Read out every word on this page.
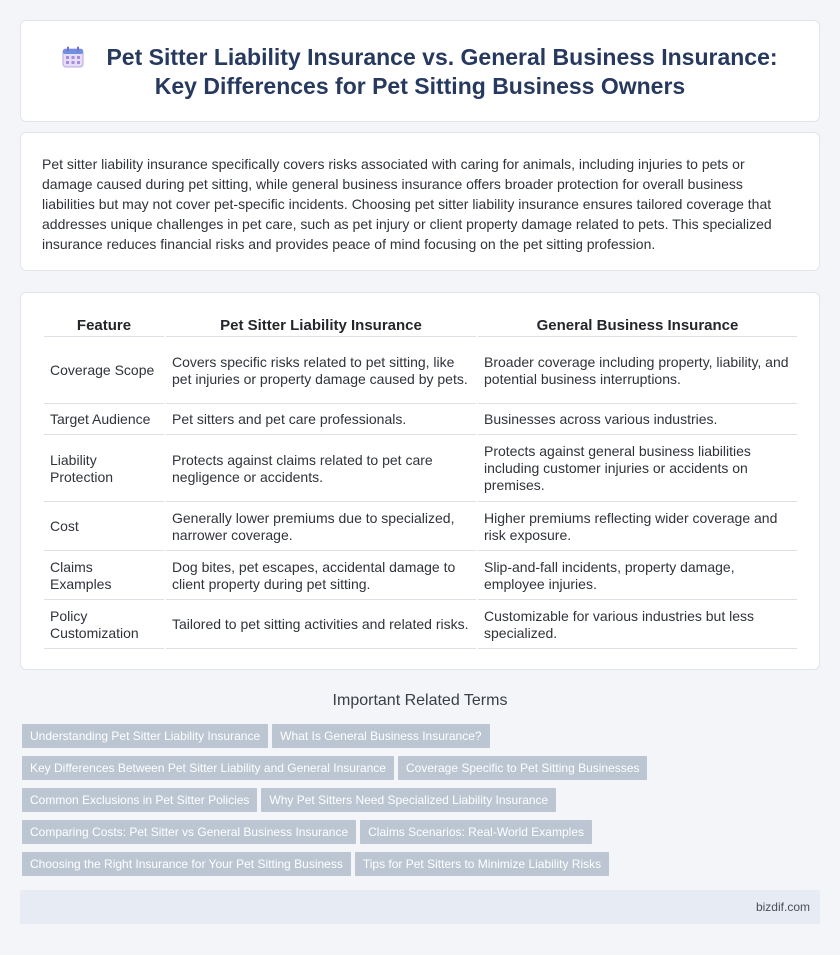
Pet Sitter Liability Insurance vs. General Business Insurance: Key Differences for Pet Sitting Business Owners

Pet sitter liability insurance specifically covers risks associated with caring for animals, including injuries to pets or damage caused during pet sitting, while general business insurance offers broader protection for overall business liabilities but may not cover pet-specific incidents. Choosing pet sitter liability insurance ensures tailored coverage that addresses unique challenges in pet care, such as pet injury or client property damage related to pets. This specialized insurance reduces financial risks and provides peace of mind focusing on the pet sitting profession.

Feature	Pet Sitter Liability Insurance	General Business Insurance
Coverage Scope	Covers specific risks related to pet sitting, like pet injuries or property damage caused by pets.	Broader coverage including property, liability, and potential business interruptions.
Target Audience	Pet sitters and pet care professionals.	Businesses across various industries.
Liability Protection	Protects against claims related to pet care negligence or accidents.	Protects against general business liabilities including customer injuries or accidents on premises.
Cost	Generally lower premiums due to specialized, narrower coverage.	Higher premiums reflecting wider coverage and risk exposure.
Claims Examples	Dog bites, pet escapes, accidental damage to client property during pet sitting.	Slip-and-fall incidents, property damage, employee injuries.
Policy Customization	Tailored to pet sitting activities and related risks.	Customizable for various industries but less specialized.
Important Related Terms
Understanding Pet Sitter Liability Insurance What Is General Business Insurance?
Key Differences Between Pet Sitter Liability and General Insurance Coverage Specific to Pet Sitting Businesses
Common Exclusions in Pet Sitter Policies Why Pet Sitters Need Specialized Liability Insurance
Comparing Costs: Pet Sitter vs General Business Insurance Claims Scenarios: Real-World Examples
Choosing the Right Insurance for Your Pet Sitting Business Tips for Pet Sitters to Minimize Liability Risks
bizdif.com
